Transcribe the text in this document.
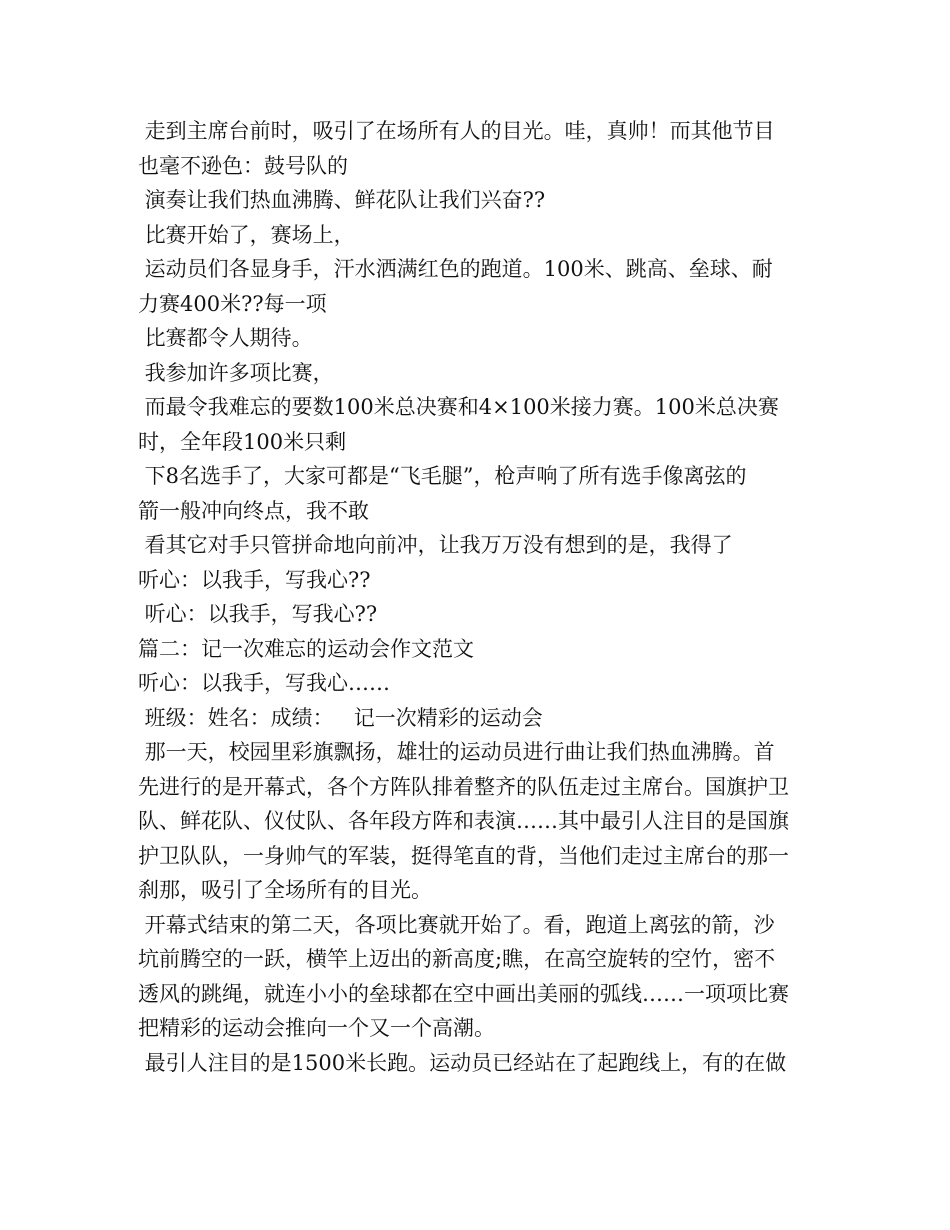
走到主席台前时，吸引了在场所有人的目光。哇，真帅！而其他节目
也毫不逊色：鼓号队的
演奏让我们热血沸腾、鲜花队让我们兴奋??
比赛开始了，赛场上，
运动员们各显身手，汗水洒满红色的跑道。100米、跳高、垒球、耐
力赛400米??每一项
比赛都令人期待。
我参加许多项比赛，
而最令我难忘的要数100米总决赛和4×100米接力赛。100米总决赛
时，全年段100米只剩
下8名选手了，大家可都是“飞毛腿”，枪声响了所有选手像离弦的
箭一般冲向终点，我不敢
看其它对手只管拼命地向前冲，让我万万没有想到的是，我得了
听心：以我手，写我心??
听心：以我手，写我心??
篇二：记一次难忘的运动会作文范文
听心：以我手，写我心……
班级：姓名：成绩：   记一次精彩的运动会
那一天，校园里彩旗飘扬，雄壮的运动员进行曲让我们热血沸腾。首
先进行的是开幕式，各个方阵队排着整齐的队伍走过主席台。国旗护卫
队、鲜花队、仪仗队、各年段方阵和表演……其中最引人注目的是国旗
护卫队队，一身帅气的军装，挺得笔直的背，当他们走过主席台的那一
刹那，吸引了全场所有的目光。
开幕式结束的第二天，各项比赛就开始了。看，跑道上离弦的箭，沙
坑前腾空的一跃，横竿上迈出的新高度;瞧，在高空旋转的空竹，密不
透风的跳绳，就连小小的垒球都在空中画出美丽的弧线……一项项比赛
把精彩的运动会推向一个又一个高潮。
最引人注目的是1500米长跑。运动员已经站在了起跑线上，有的在做
